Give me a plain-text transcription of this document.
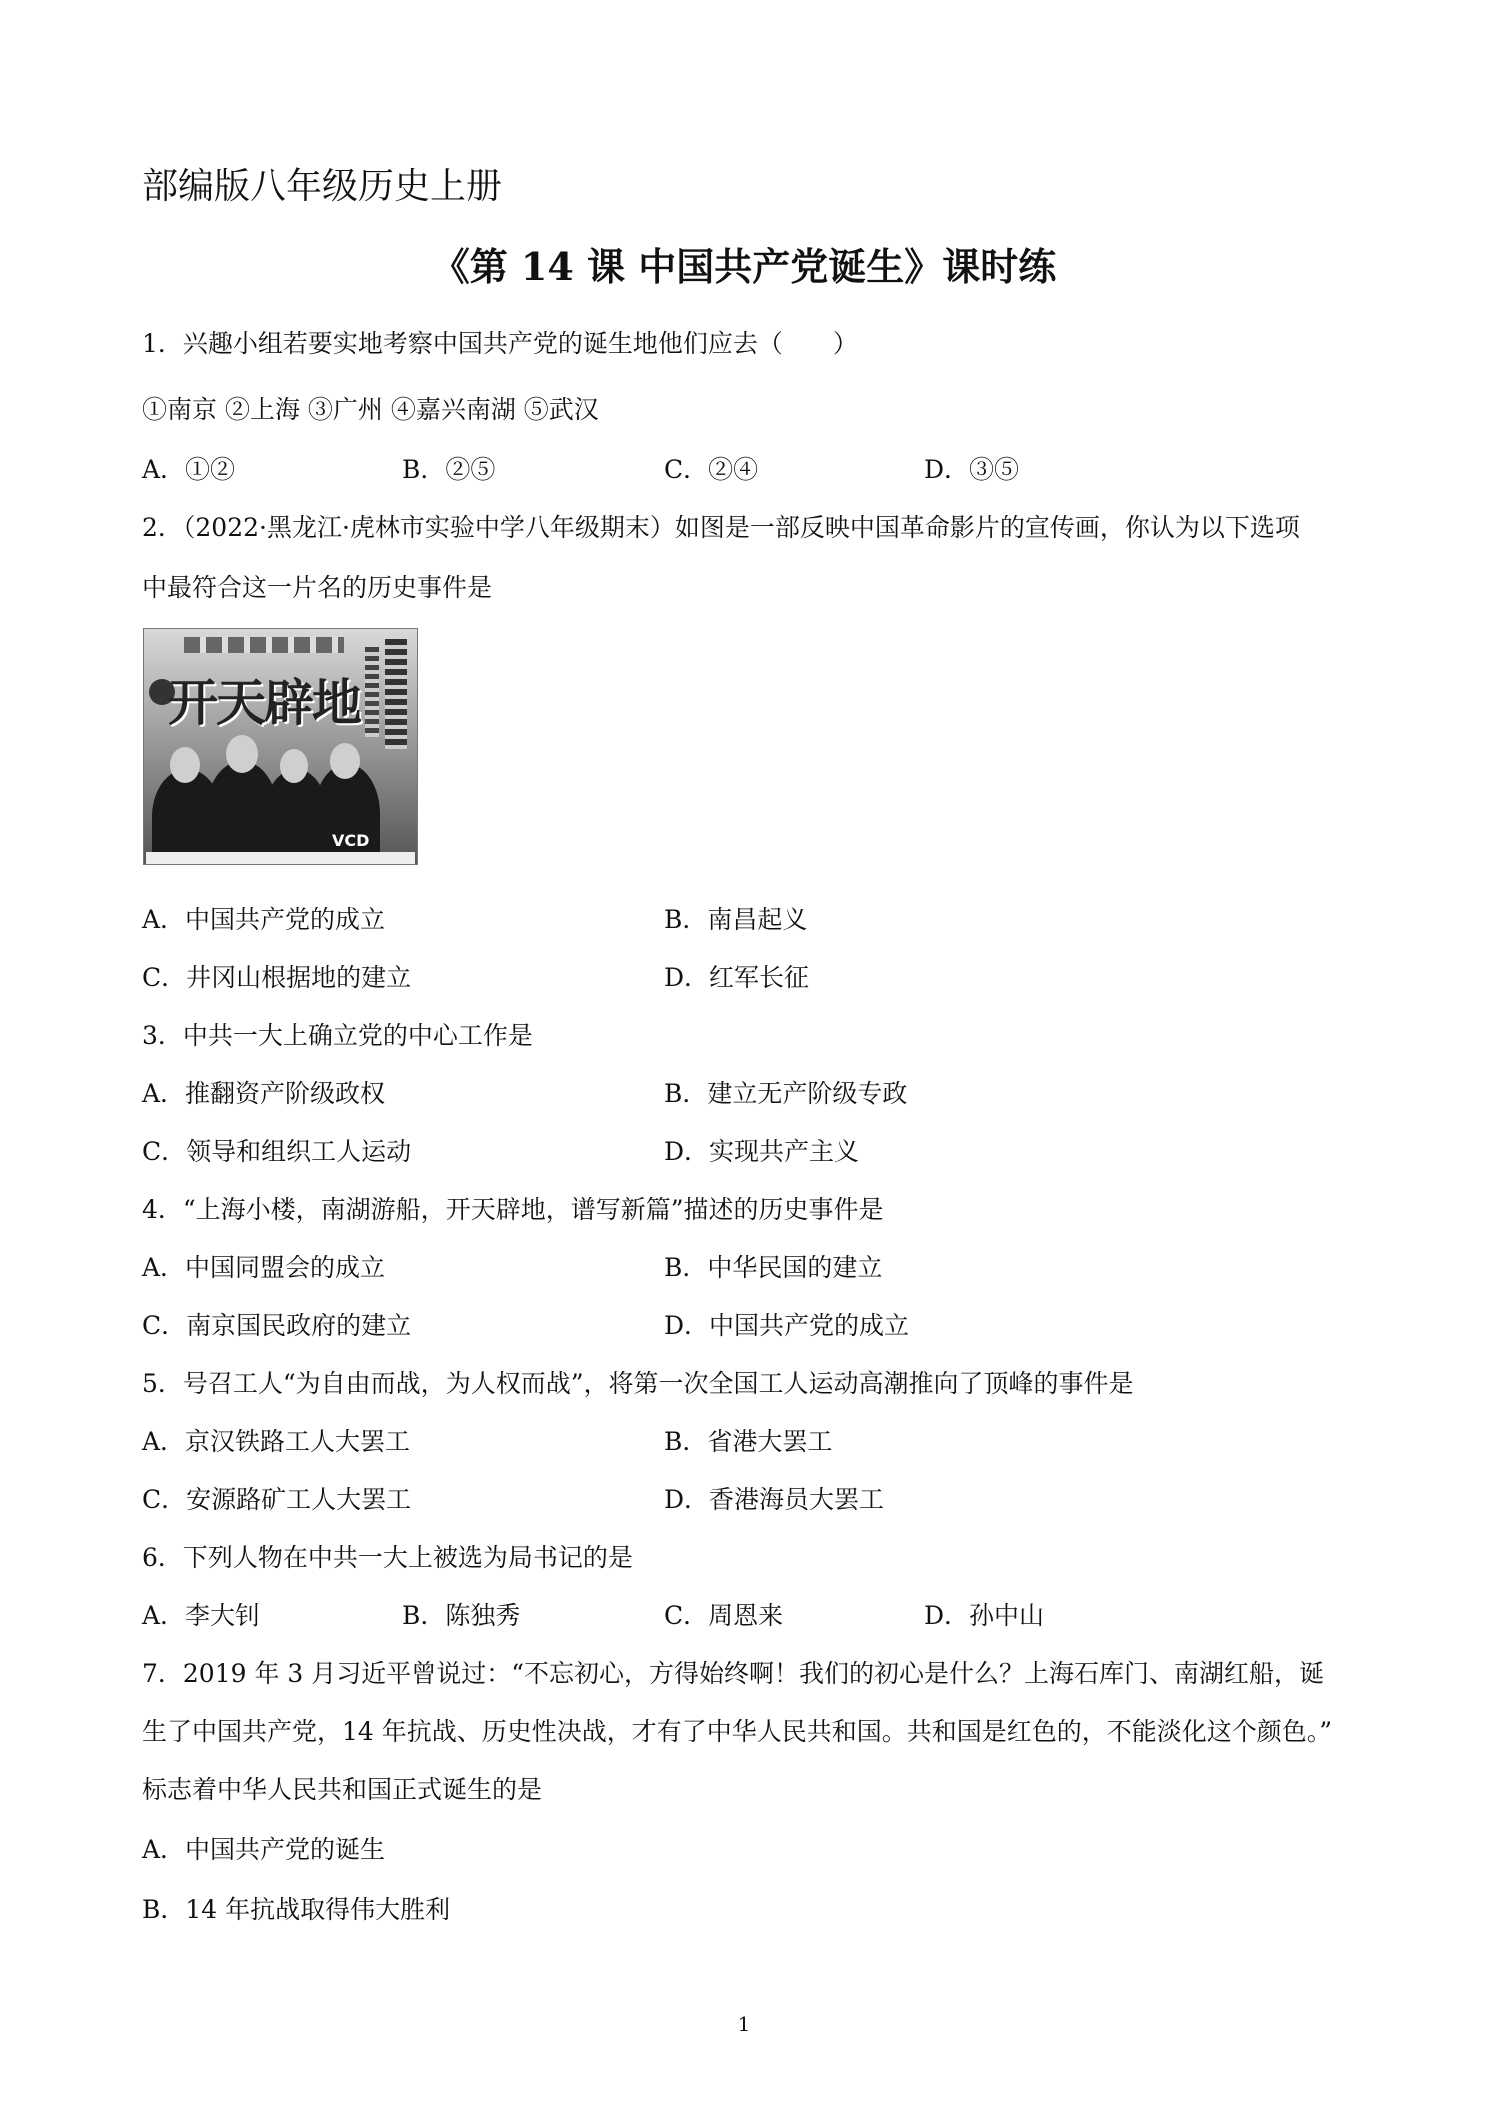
部编版八年级历史上册
《第 14 课 中国共产党诞生》课时练
1．兴趣小组若要实地考察中国共产党的诞生地他们应去（　　）
①南京 ②上海 ③广州 ④嘉兴南湖 ⑤武汉
A．①②	B．②⑤	C．②④	D．③⑤
2．（2022·黑龙江·虎林市实验中学八年级期末）如图是一部反映中国革命影片的宣传画，你认为以下选项
中最符合这一片名的历史事件是
开天辟地
VCD
A．中国共产党的成立	B．南昌起义
C．井冈山根据地的建立	D．红军长征
3．中共一大上确立党的中心工作是
A．推翻资产阶级政权	B．建立无产阶级专政
C．领导和组织工人运动	D．实现共产主义
4．“上海小楼，南湖游船，开天辟地，谱写新篇”描述的历史事件是
A．中国同盟会的成立	B．中华民国的建立
C．南京国民政府的建立	D．中国共产党的成立
5．号召工人“为自由而战，为人权而战”，将第一次全国工人运动高潮推向了顶峰的事件是
A．京汉铁路工人大罢工	B．省港大罢工
C．安源路矿工人大罢工	D．香港海员大罢工
6．下列人物在中共一大上被选为局书记的是
A．李大钊	B．陈独秀	C．周恩来	D．孙中山
7．2019 年 3 月习近平曾说过：“不忘初心，方得始终啊！我们的初心是什么？上海石库门、南湖红船，诞
生了中国共产党，14 年抗战、历史性决战，才有了中华人民共和国。共和国是红色的，不能淡化这个颜色。”
标志着中华人民共和国正式诞生的是
A．中国共产党的诞生
B．14 年抗战取得伟大胜利
1
